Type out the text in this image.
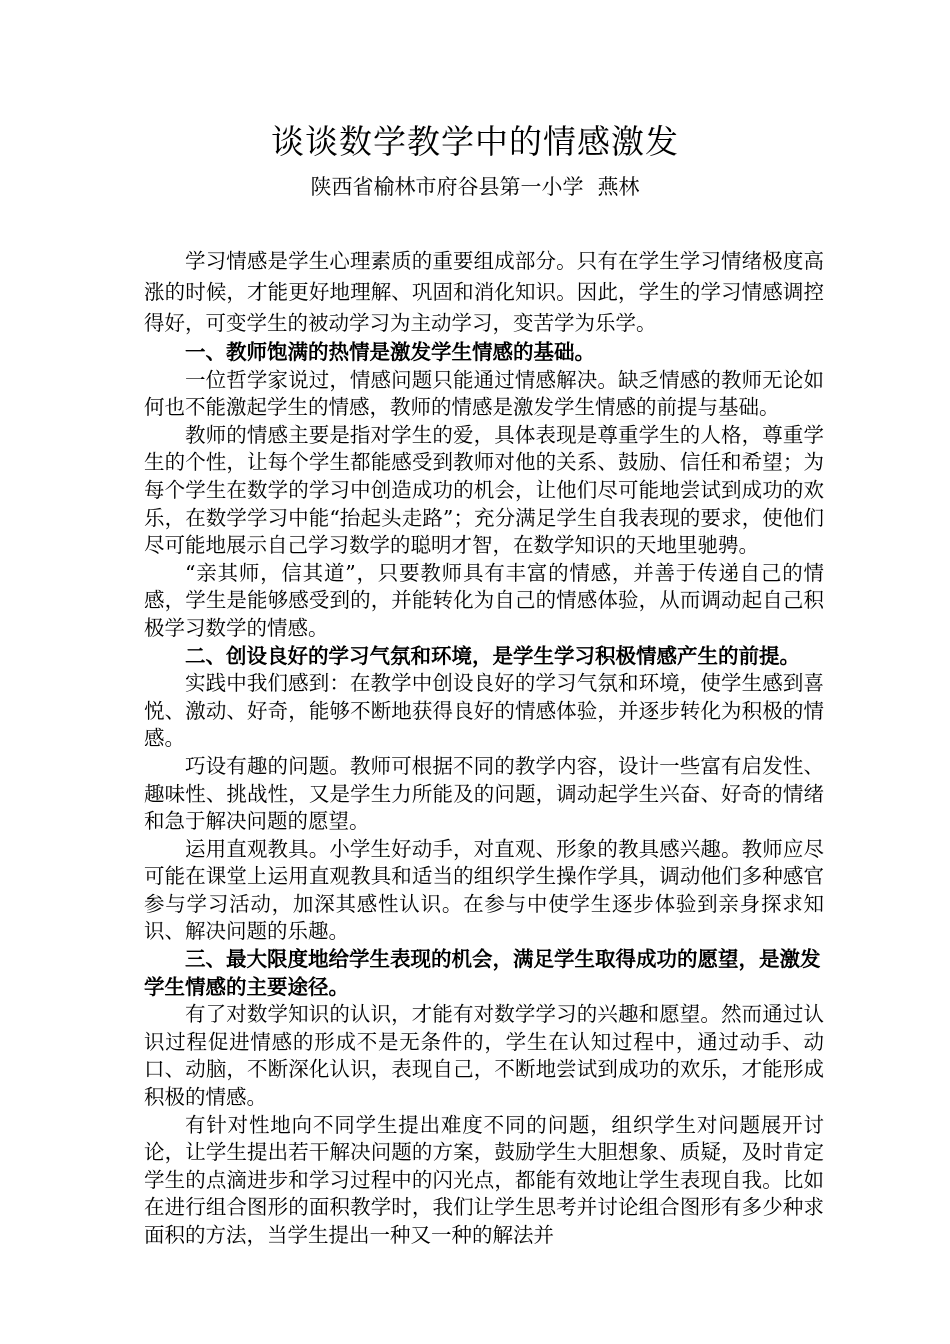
谈谈数学教学中的情感激发
陕西省榆林市府谷县第一小学 燕林

学习情感是学生心理素质的重要组成部分。只有在学生学习情绪极度高涨的时候，才能更好地理解、巩固和消化知识。因此，学生的学习情感调控得好，可变学生的被动学习为主动学习，变苦学为乐学。

一、教师饱满的热情是激发学生情感的基础。

一位哲学家说过，情感问题只能通过情感解决。缺乏情感的教师无论如何也不能激起学生的情感，教师的情感是激发学生情感的前提与基础。

教师的情感主要是指对学生的爱，具体表现是尊重学生的人格，尊重学生的个性，让每个学生都能感受到教师对他的关系、鼓励、信任和希望；为每个学生在数学的学习中创造成功的机会，让他们尽可能地尝试到成功的欢乐，在数学学习中能“抬起头走路”；充分满足学生自我表现的要求，使他们尽可能地展示自己学习数学的聪明才智，在数学知识的天地里驰骋。

“亲其师，信其道”，只要教师具有丰富的情感，并善于传递自己的情感，学生是能够感受到的，并能转化为自己的情感体验，从而调动起自己积极学习数学的情感。

二、创设良好的学习气氛和环境，是学生学习积极情感产生的前提。

实践中我们感到：在教学中创设良好的学习气氛和环境，使学生感到喜悦、激动、好奇，能够不断地获得良好的情感体验，并逐步转化为积极的情感。

巧设有趣的问题。教师可根据不同的教学内容，设计一些富有启发性、趣味性、挑战性，又是学生力所能及的问题，调动起学生兴奋、好奇的情绪和急于解决问题的愿望。

运用直观教具。小学生好动手，对直观、形象的教具感兴趣。教师应尽可能在课堂上运用直观教具和适当的组织学生操作学具，调动他们多种感官参与学习活动，加深其感性认识。在参与中使学生逐步体验到亲身探求知识、解决问题的乐趣。

三、最大限度地给学生表现的机会，满足学生取得成功的愿望，是激发学生情感的主要途径。

有了对数学知识的认识，才能有对数学学习的兴趣和愿望。然而通过认识过程促进情感的形成不是无条件的，学生在认知过程中，通过动手、动口、动脑，不断深化认识，表现自己，不断地尝试到成功的欢乐，才能形成积极的情感。

有针对性地向不同学生提出难度不同的问题，组织学生对问题展开讨论，让学生提出若干解决问题的方案，鼓励学生大胆想象、质疑，及时肯定学生的点滴进步和学习过程中的闪光点，都能有效地让学生表现自我。比如在进行组合图形的面积教学时，我们让学生思考并讨论组合图形有多少种求面积的方法，当学生提出一种又一种的解法并
